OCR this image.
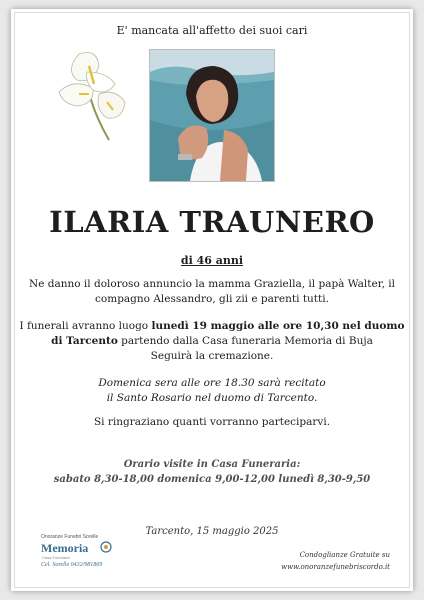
E' mancata all'affetto dei suoi cari
ILARIA TRAUNERO
di 46 anni
Ne danno il doloroso annuncio la mamma Graziella, il papà Walter, il
compagno Alessandro, gli zii e parenti tutti.
I funerali avranno luogo lunedì 19 maggio alle ore 10,30 nel duomo
di Tarcento partendo dalla Casa funeraria Memoria di Buja
Seguirà la cremazione.
Domenica sera alle ore 18.30 sarà recitato
il Santo Rosario nel duomo di Tarcento.
Si ringraziano quanti vorranno parteciparvi.
Orario visite in Casa Funeraria:
sabato 8,30-18,00 domenica 9,00-12,00 lunedì 8,30-9,50
Tarcento, 15 maggio 2025
Onoranze Funebri Sorelle
Memoria
Casa Funeraria
Cel. Sorelle 0432/981869
Condoglianze Gratuite su
www.onoranzefunebriscordo.it
